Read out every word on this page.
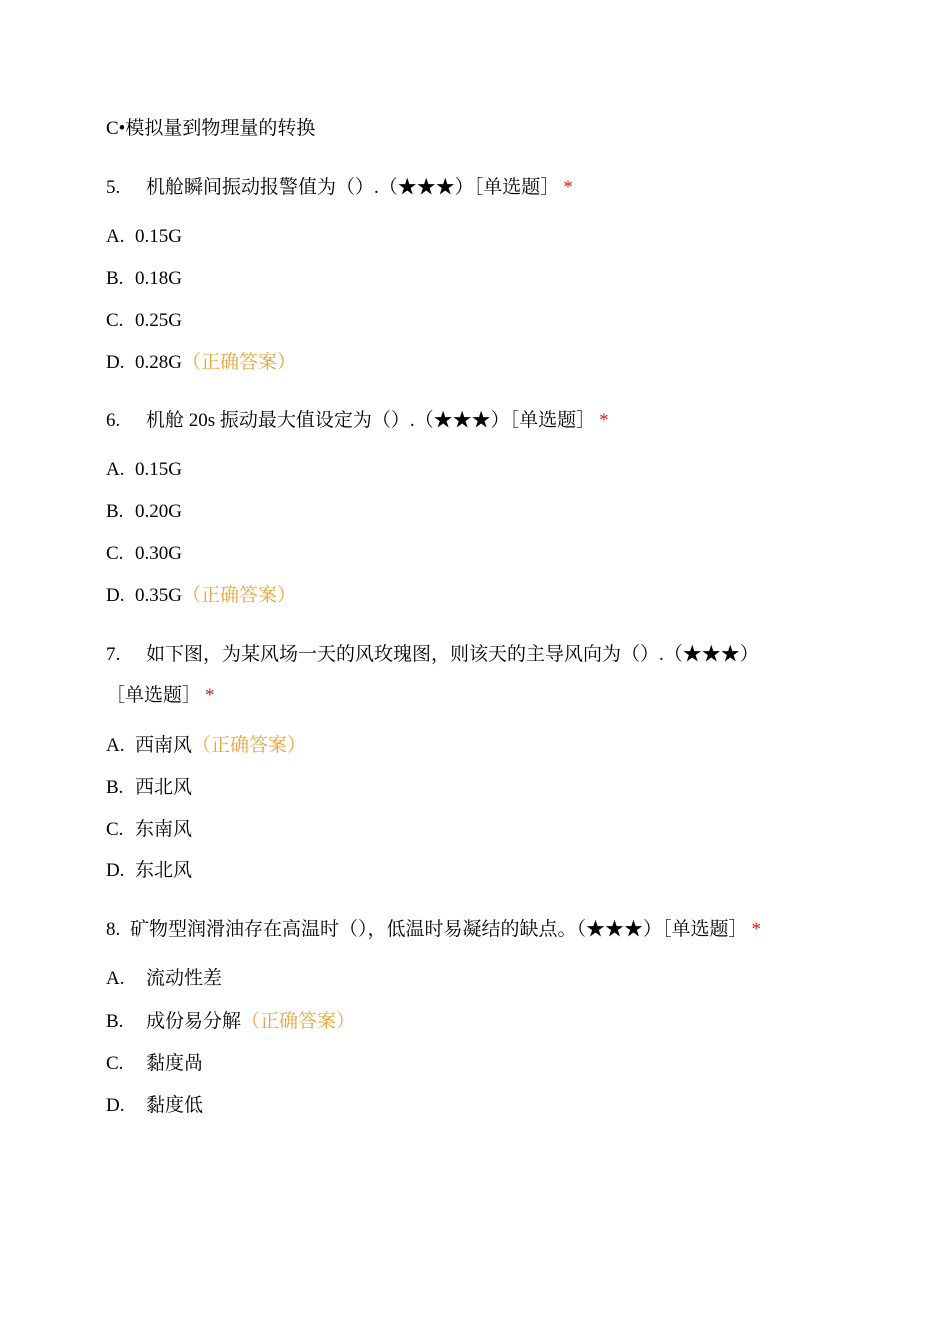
C•模拟量到物理量的转换
5. 机舱瞬间振动报警值为（）.（★★★）［单选题］ *
A. 0.15G
B. 0.18G
C. 0.25G
D. 0.28G（正确答案）
6. 机舱 20s 振动最大值设定为（）.（★★★）［单选题］ *
A. 0.15G
B. 0.20G
C. 0.30G
D. 0.35G（正确答案）
7. 如下图，为某风场一天的风玫瑰图，则该天的主导风向为（）.（★★★）
［单选题］ *
A. 西南风（正确答案）
B. 西北风
C. 东南风
D. 东北风
8. 矿物型润滑油存在高温时（），低温时易凝结的缺点。（★★★）［单选题］ *
A. 流动性差
B. 成份易分解（正确答案）
C. 黏度咼
D. 黏度低
